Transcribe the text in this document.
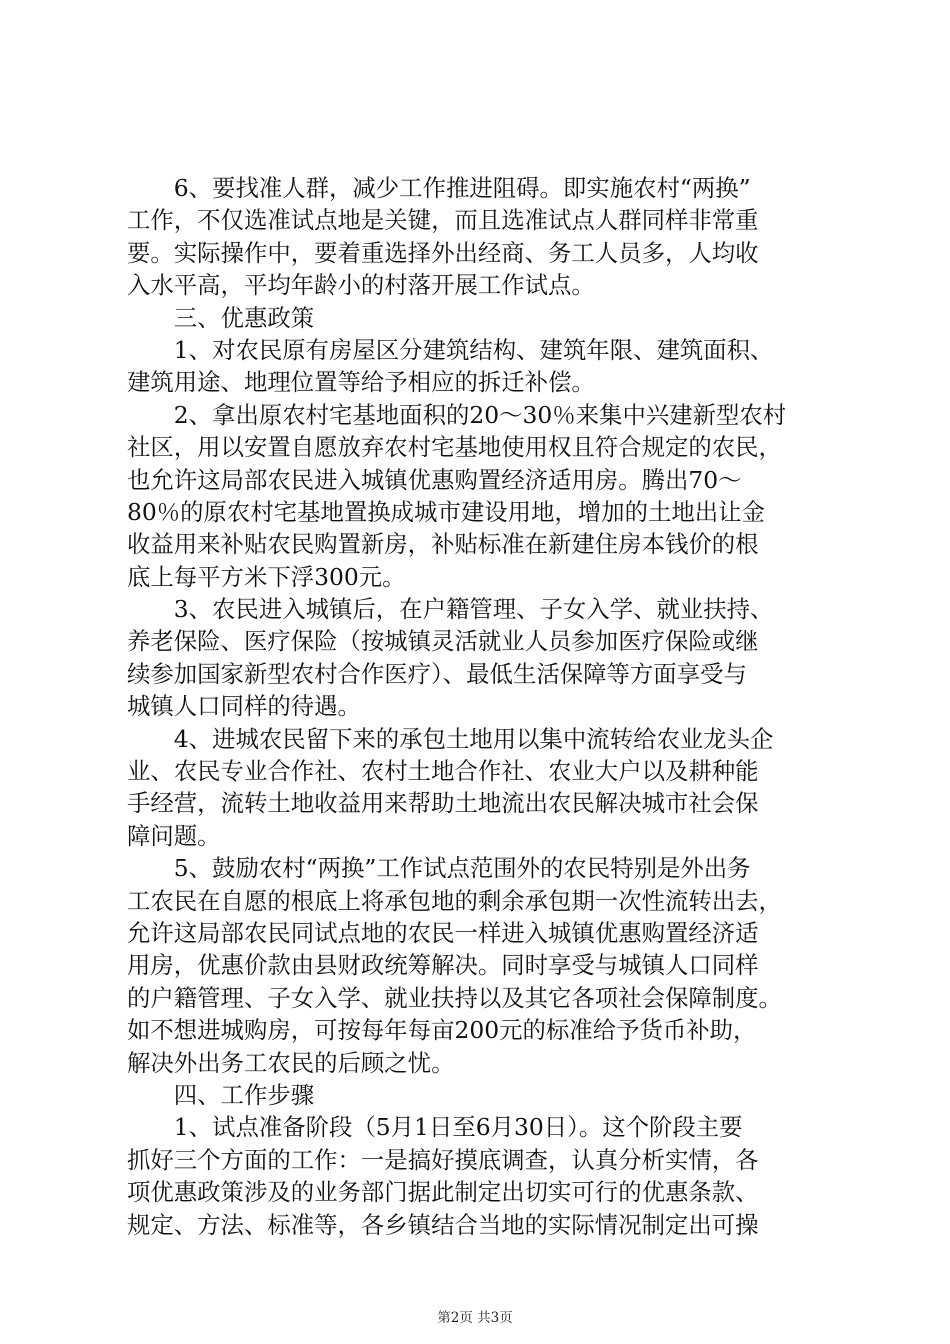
　　6、要找准人群，减少工作推进阻碍。即实施农村“两换”
工作，不仅选准试点地是关键，而且选准试点人群同样非常重
要。实际操作中，要着重选择外出经商、务工人员多，人均收
入水平高，平均年龄小的村落开展工作试点。
　　三、优惠政策
　　1、对农民原有房屋区分建筑结构、建筑年限、建筑面积、
建筑用途、地理位置等给予相应的拆迁补偿。
　　2、拿出原农村宅基地面积的20～30％来集中兴建新型农村
社区，用以安置自愿放弃农村宅基地使用权且符合规定的农民，
也允许这局部农民进入城镇优惠购置经济适用房。腾出70～
80％的原农村宅基地置换成城市建设用地，增加的土地出让金
收益用来补贴农民购置新房，补贴标准在新建住房本钱价的根
底上每平方米下浮300元。
　　3、农民进入城镇后，在户籍管理、子女入学、就业扶持、
养老保险、医疗保险（按城镇灵活就业人员参加医疗保险或继
续参加国家新型农村合作医疗）、最低生活保障等方面享受与
城镇人口同样的待遇。
　　4、进城农民留下来的承包土地用以集中流转给农业龙头企
业、农民专业合作社、农村土地合作社、农业大户以及耕种能
手经营，流转土地收益用来帮助土地流出农民解决城市社会保
障问题。
　　5、鼓励农村“两换”工作试点范围外的农民特别是外出务
工农民在自愿的根底上将承包地的剩余承包期一次性流转出去，
允许这局部农民同试点地的农民一样进入城镇优惠购置经济适
用房，优惠价款由县财政统筹解决。同时享受与城镇人口同样
的户籍管理、子女入学、就业扶持以及其它各项社会保障制度。
如不想进城购房，可按每年每亩200元的标准给予货币补助，
解决外出务工农民的后顾之忧。
　　四、工作步骤
　　1、试点准备阶段（5月1日至6月30日）。这个阶段主要
抓好三个方面的工作：一是搞好摸底调查，认真分析实情，各
项优惠政策涉及的业务部门据此制定出切实可行的优惠条款、
规定、方法、标准等，各乡镇结合当地的实际情况制定出可操
第2页 共3页
